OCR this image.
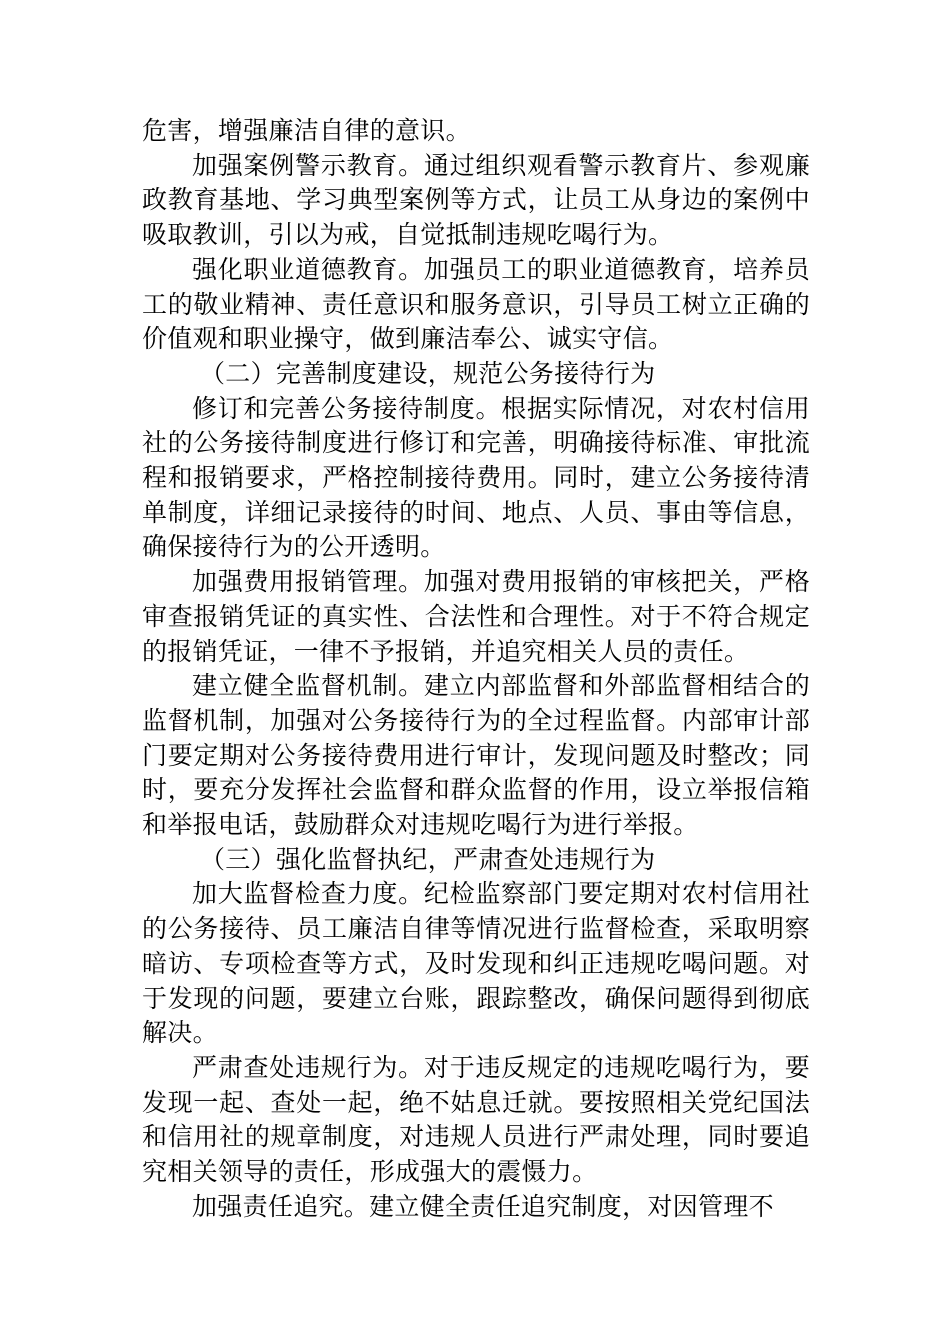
危害，增强廉洁自律的意识。

加强案例警示教育。通过组织观看警示教育片、参观廉政教育基地、学习典型案例等方式，让员工从身边的案例中吸取教训，引以为戒，自觉抵制违规吃喝行为。

强化职业道德教育。加强员工的职业道德教育，培养员工的敬业精神、责任意识和服务意识，引导员工树立正确的价值观和职业操守，做到廉洁奉公、诚实守信。

（二）完善制度建设，规范公务接待行为

修订和完善公务接待制度。根据实际情况，对农村信用社的公务接待制度进行修订和完善，明确接待标准、审批流程和报销要求，严格控制接待费用。同时，建立公务接待清单制度，详细记录接待的时间、地点、人员、事由等信息，确保接待行为的公开透明。

加强费用报销管理。加强对费用报销的审核把关，严格审查报销凭证的真实性、合法性和合理性。对于不符合规定的报销凭证，一律不予报销，并追究相关人员的责任。

建立健全监督机制。建立内部监督和外部监督相结合的监督机制，加强对公务接待行为的全过程监督。内部审计部门要定期对公务接待费用进行审计，发现问题及时整改；同时，要充分发挥社会监督和群众监督的作用，设立举报信箱和举报电话，鼓励群众对违规吃喝行为进行举报。

（三）强化监督执纪，严肃查处违规行为

加大监督检查力度。纪检监察部门要定期对农村信用社的公务接待、员工廉洁自律等情况进行监督检查，采取明察暗访、专项检查等方式，及时发现和纠正违规吃喝问题。对于发现的问题，要建立台账，跟踪整改，确保问题得到彻底解决。

严肃查处违规行为。对于违反规定的违规吃喝行为，要发现一起、查处一起，绝不姑息迁就。要按照相关党纪国法和信用社的规章制度，对违规人员进行严肃处理，同时要追究相关领导的责任，形成强大的震慑力。

加强责任追究。建立健全责任追究制度，对因管理不
